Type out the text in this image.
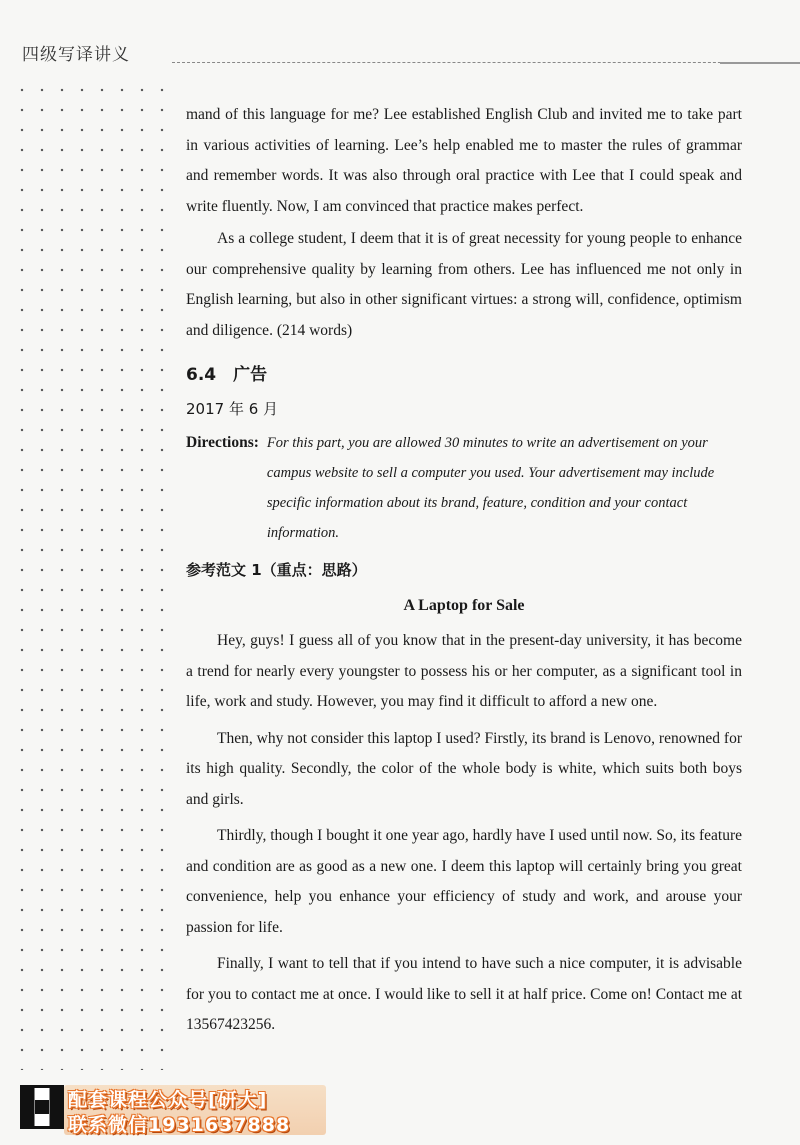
四级写译讲义

mand of this language for me? Lee established English Club and invited me to take part in various activities of learning. Lee’s help enabled me to master the rules of grammar and remember words. It was also through oral practice with Lee that I could speak and write fluently. Now, I am convinced that practice makes perfect.

As a college student, I deem that it is of great necessity for young people to enhance our comprehensive quality by learning from others. Lee has influenced me not only in English learning, but also in other significant virtues: a strong will, confidence, optimism and diligence. (214 words)

6.4　广告
2017 年 6 月
Directions: For this part, you are allowed 30 minutes to write an advertisement on your campus website to sell a computer you used. Your advertisement may include specific information about its brand, feature, condition and your contact information.
参考范文 1（重点：思路）
A Laptop for Sale

Hey, guys! I guess all of you know that in the present-day university, it has become a trend for nearly every youngster to possess his or her computer, as a significant tool in life, work and study. However, you may find it difficult to afford a new one.

Then, why not consider this laptop I used? Firstly, its brand is Lenovo, renowned for its high quality. Secondly, the color of the whole body is white, which suits both boys and girls.

Thirdly, though I bought it one year ago, hardly have I used until now. So, its feature and condition are as good as a new one. I deem this laptop will certainly bring you great convenience, help you enhance your efficiency of study and work, and arouse your passion for life.

Finally, I want to tell that if you intend to have such a nice computer, it is advisable for you to contact me at once. I would like to sell it at half price. Come on! Contact me at 13567423256.

配套课程公众号[研大]
联系微信1931637888
